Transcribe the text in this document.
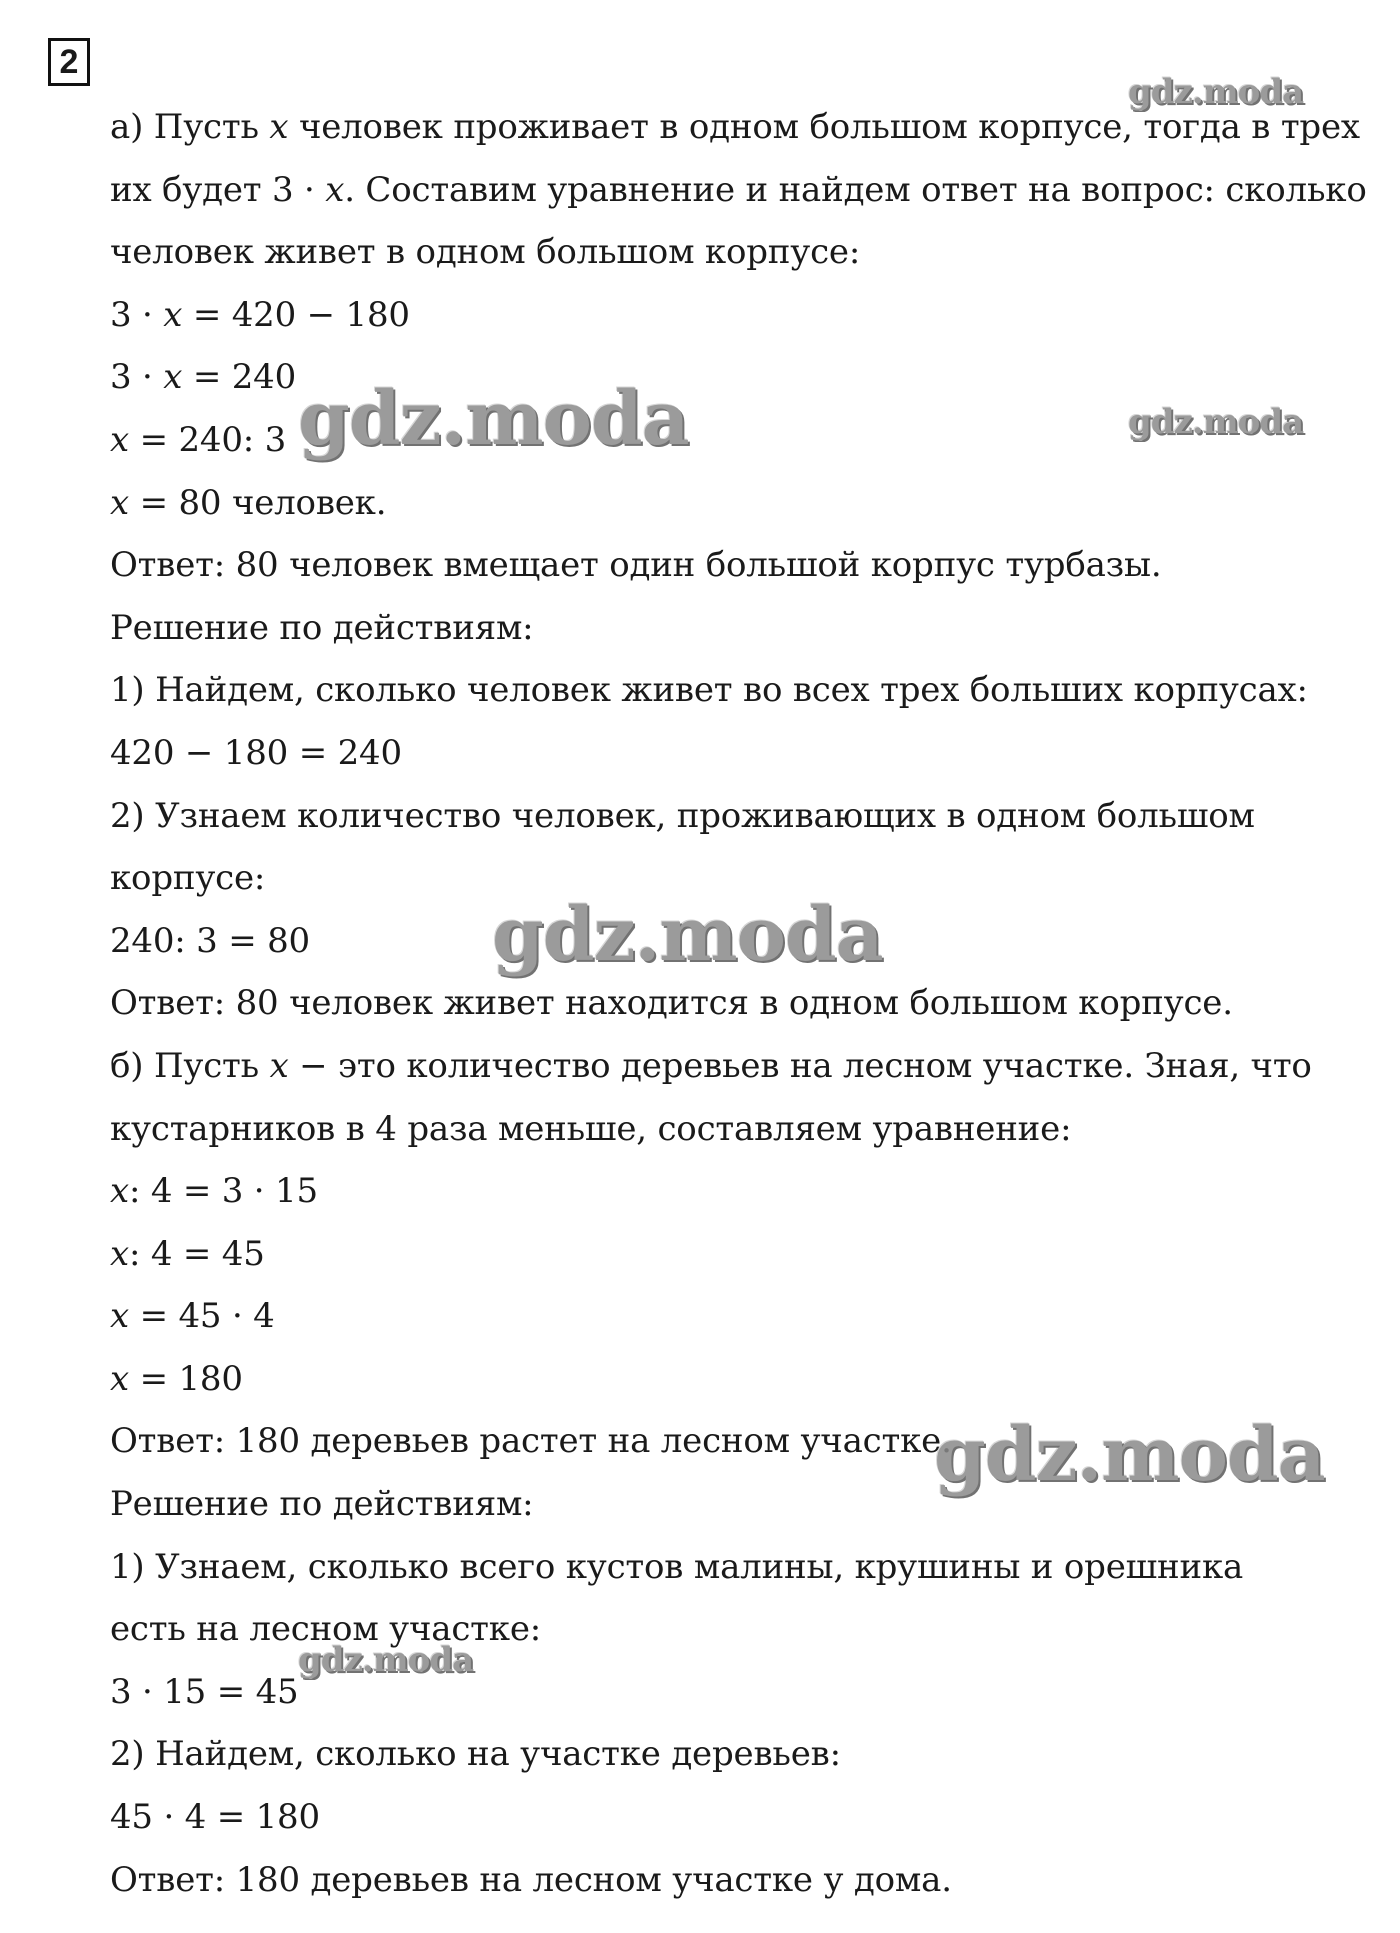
2
а) Пусть 𝑥 человек проживает в одном большом корпусе, тогда в трех
их будет 3 · 𝑥. Составим уравнение и найдем ответ на вопрос: сколько
человек живет в одном большом корпусе:
3 · 𝑥 = 420 − 180
3 · 𝑥 = 240
𝑥 = 240: 3
𝑥 = 80 человек.
Ответ: 80 человек вмещает один большой корпус турбазы.
Решение по действиям:
1) Найдем, сколько человек живет во всех трех больших корпусах:
420 − 180 = 240
2) Узнаем количество человек, проживающих в одном большом
корпусе:
240: 3 = 80
Ответ: 80 человек живет находится в одном большом корпусе.
б) Пусть 𝑥 − это количество деревьев на лесном участке. Зная, что
кустарников в 4 раза меньше, составляем уравнение:
𝑥: 4 = 3 · 15
𝑥: 4 = 45
𝑥 = 45 · 4
𝑥 = 180
Ответ: 180 деревьев растет на лесном участке.
Решение по действиям:
1) Узнаем, сколько всего кустов малины, крушины и орешника
есть на лесном участке:
3 · 15 = 45
2) Найдем, сколько на участке деревьев:
45 · 4 = 180
Ответ: 180 деревьев на лесном участке у дома.
gdz.moda
gdz.moda	gdz.moda
gdz.moda
gdz.moda
gdz.moda
